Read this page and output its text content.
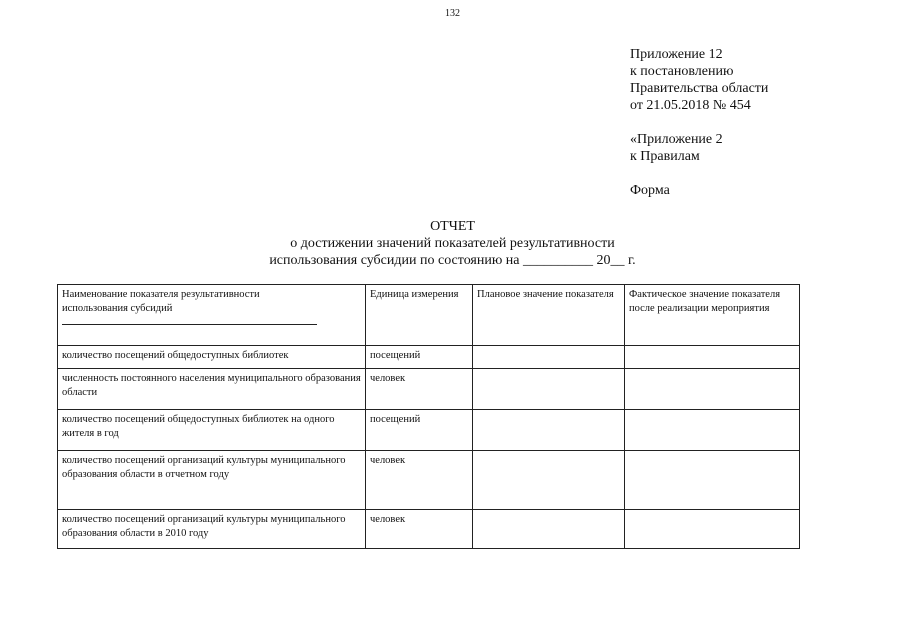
132
Приложение 12
к постановлению
Правительства области
от 21.05.2018 № 454
«Приложение 2
к Правилам
Форма
ОТЧЕТ
о достижении значений показателей результативности
использования субсидии по состоянию на __________ 20__ г.
Наименование показателя результативности использования субсидий	Единица измерения	Плановое значение показателя	Фактическое значение показателя после реализации мероприятия
количество посещений общедоступных библиотек	посещений		
численность постоянного населения муниципального образования области	человек		
количество посещений общедоступных библиотек на одного жителя в год	посещений		
количество посещений организаций культуры муниципального образования области в отчетном году	человек		
количество посещений организаций культуры муниципального образования области в 2010 году	человек		
